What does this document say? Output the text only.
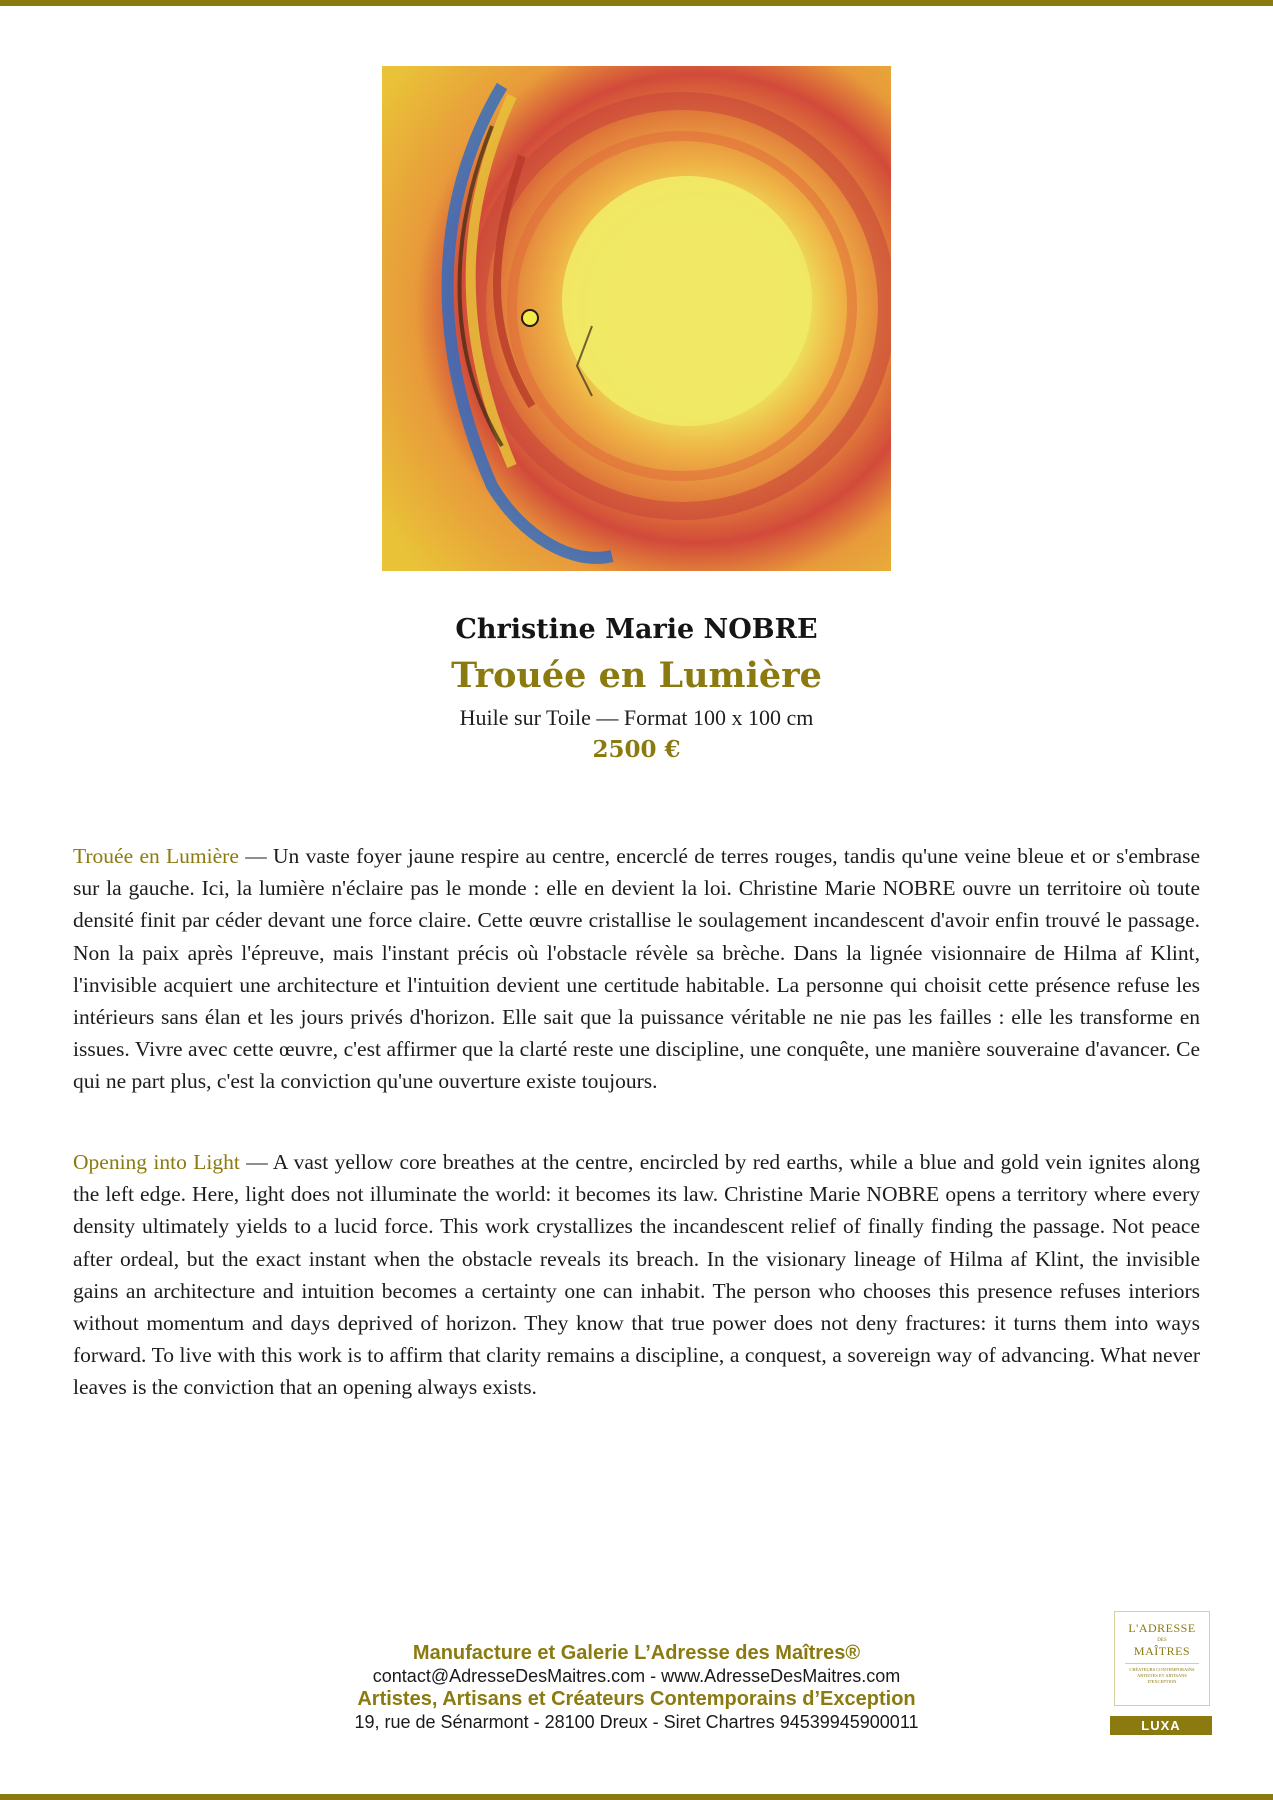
Christine Marie NOBRE
Trouée en Lumière
Huile sur Toile — Format 100 x 100 cm
2500 €

Trouée en Lumière — Un vaste foyer jaune respire au centre, encerclé de terres rouges, tandis qu'une veine bleue et or s'embrase sur la gauche. Ici, la lumière n'éclaire pas le monde : elle en devient la loi. Christine Marie NOBRE ouvre un territoire où toute densité finit par céder devant une force claire. Cette œuvre cristallise le soulagement incandescent d'avoir enfin trouvé le passage. Non la paix après l'épreuve, mais l'instant précis où l'obstacle révèle sa brèche. Dans la lignée visionnaire de Hilma af Klint, l'invisible acquiert une architecture et l'intuition devient une certitude habitable. La personne qui choisit cette présence refuse les intérieurs sans élan et les jours privés d'horizon. Elle sait que la puissance véritable ne nie pas les failles : elle les transforme en issues. Vivre avec cette œuvre, c'est affirmer que la clarté reste une discipline, une conquête, une manière souveraine d'avancer. Ce qui ne part plus, c'est la conviction qu'une ouverture existe toujours.

Opening into Light — A vast yellow core breathes at the centre, encircled by red earths, while a blue and gold vein ignites along the left edge. Here, light does not illuminate the world: it becomes its law. Christine Marie NOBRE opens a territory where every density ultimately yields to a lucid force. This work crystallizes the incandescent relief of finally finding the passage. Not peace after ordeal, but the exact instant when the obstacle reveals its breach. In the visionary lineage of Hilma af Klint, the invisible gains an architecture and intuition becomes a certainty one can inhabit. The person who chooses this presence refuses interiors without momentum and days deprived of horizon. They know that true power does not deny fractures: it turns them into ways forward. To live with this work is to affirm that clarity remains a discipline, a conquest, a sovereign way of advancing. What never leaves is the conviction that an opening always exists.

Manufacture et Galerie L’Adresse des Maîtres®
contact@AdresseDesMaitres.com - www.AdresseDesMaitres.com
Artistes, Artisans et Créateurs Contemporains d’Exception
19, rue de Sénarmont - 28100 Dreux - Siret Chartres 94539945900011
L'ADRESSE
DES
MAÎTRES
CRÉATEURS CONTEMPORAINS ARTISTES ET ARTISANS D'EXCEPTION
LUXA
